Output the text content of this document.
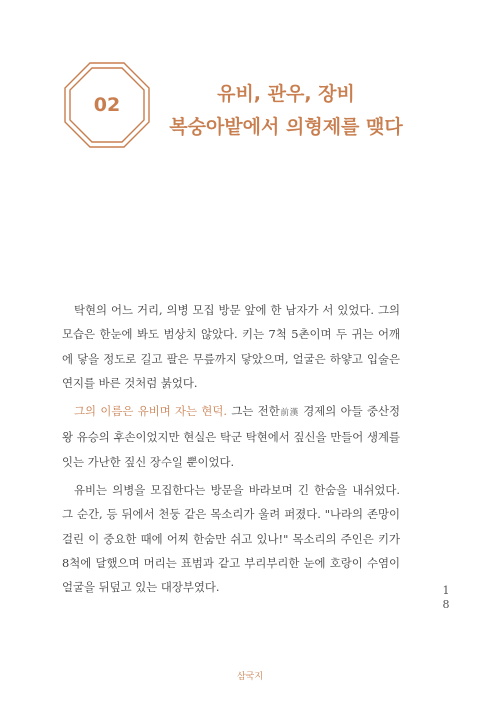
02	유비, 관우, 장비
복숭아밭에서 의형제를 맺다

탁현의 어느 거리, 의병 모집 방문 앞에 한 남자가 서 있었다. 그의 모습은 한눈에 봐도 범상치 않았다. 키는 7척 5촌이며 두 귀는 어깨에 닿을 정도로 길고 팔은 무릎까지 닿았으며, 얼굴은 하얗고 입술은 연지를 바른 것처럼 붉었다.

그의 이름은 유비며 자는 현덕. 그는 전한前漢 경제의 아들 중산정왕 유승의 후손이었지만 현실은 탁군 탁현에서 짚신을 만들어 생계를 잇는 가난한 짚신 장수일 뿐이었다.

유비는 의병을 모집한다는 방문을 바라보며 긴 한숨을 내쉬었다. 그 순간, 등 뒤에서 천둥 같은 목소리가 울려 퍼졌다. "나라의 존망이 걸린 이 중요한 때에 어찌 한숨만 쉬고 있나!" 목소리의 주인은 키가 8척에 달했으며 머리는 표범과 같고 부리부리한 눈에 호랑이 수염이 얼굴을 뒤덮고 있는 대장부였다.	1
8
삼국지
